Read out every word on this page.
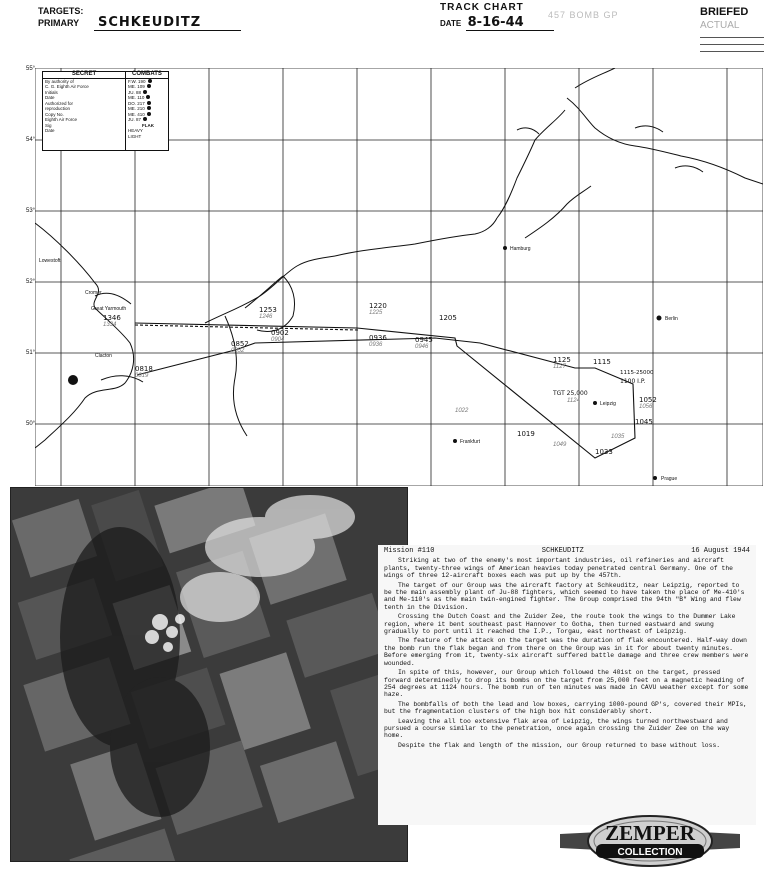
TARGETS:
PRIMARY SCHKEUDITZ
TRACK CHART
DATE 8-16-44	457 BOMB GP	BRIEFED
ACTUAL
55°
54°
53°
52°
51°
50°
Lowestoft
Cromer
Great Yarmouth
Clacton
Hamburg
Berlin
Leipzig
Frankfurt
Prague
1346
1334
0818
0819
0852
0852
1253
1246
0902
0904
1220
1225
1205
0936
0936
0945
0946
1125
1127
1115
1115-25000
1100 I.P.
TGT 25,000
1124	1052
1056
1045
1019
1022
1033
1035
1049
SECRET
By authority of
C. G. Eighth Air Force
Initials
Date
Authorized for
reproduction
Copy No.
Eighth Air Force
Sig
Date
COMBATS
F.W. 190
ME. 109
JU. 88
ME. 110
DO. 217
ME. 210
ME. 410
JU. 87
FLAK
HEAVY
LIGHT
Mission #110	SCHKEUDITZ	16 August 1944

Striking at two of the enemy's most important industries, oil refineries and aircraft plants, twenty-three wings of American heavies today penetrated central Germany. One of the wings of three 12-aircraft boxes each was put up by the 457th.

The target of our Group was the aircraft factory at Schkeuditz, near Leipzig, reported to be the main assembly plant of Ju-88 fighters, which seemed to have taken the place of Me-410's and Me-110's as the main twin-engined fighter. The Group comprised the 94th "B" Wing and flew tenth in the Division.

Crossing the Dutch Coast and the Zuider Zee, the route took the wings to the Dummer Lake region, where it bent southeast past Hannover to Gotha, then turned eastward and swung gradually to port until it reached the I.P., Torgau, east northeast of Leipzig.

The feature of the attack on the target was the duration of flak encountered. Half-way down the bomb run the flak began and from there on the Group was in it for about twenty minutes. Before emerging from it, twenty-six aircraft suffered battle damage and three crew members were wounded.

In spite of this, however, our Group which followed the 401st on the target, pressed forward determinedly to drop its bombs on the target from 25,000 feet on a magnetic heading of 254 degrees at 1124 hours. The bomb run of ten minutes was made in CAVU weather except for some haze.

The bombfalls of both the lead and low boxes, carrying 1000-pound GP's, covered their MPIs, but the fragmentation clusters of the high box hit considerably short.

Leaving the all too extensive flak area of Leipzig, the wings turned northwestward and pursued a course similar to the penetration, once again crossing the Zuider Zee on the way home.

Despite the flak and length of the mission, our Group returned to base without loss.

ZEMPER
COLLECTION
